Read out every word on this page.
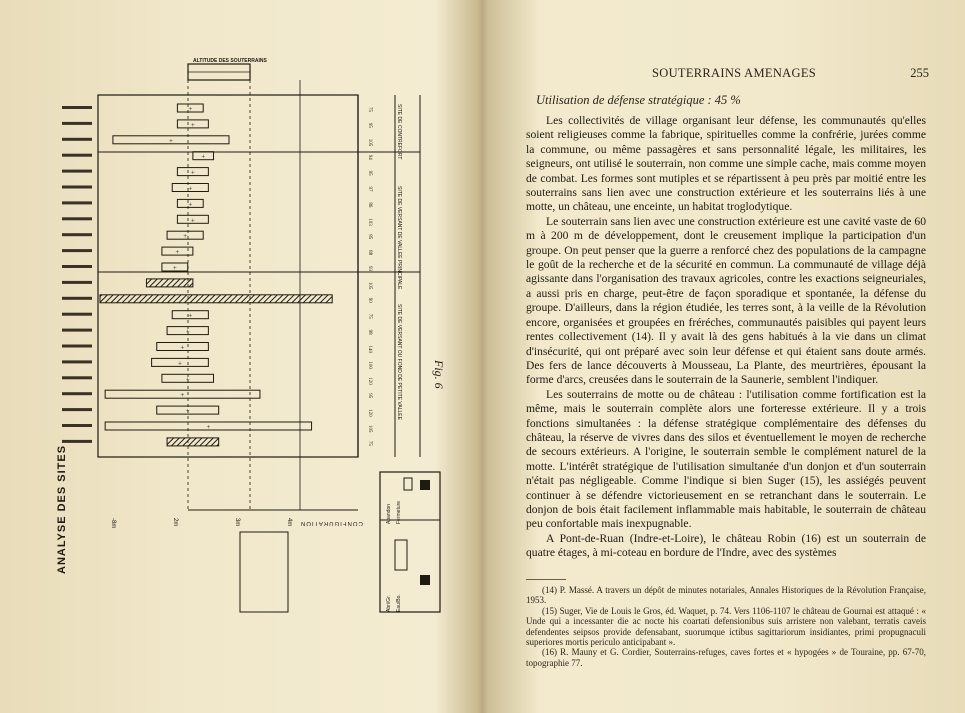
+	75
+	95
+	105
+	94
+	95
+	97
+	86
+	103
+	85
+	88
+	93
105
90
+	75
+	98
+	140
+	100
+	120
+	95
+	120
+	105
75
ANALYSE DES SITES
ALTITUDE DES SOUTERRAINS
CONFIGURATION
SITE DE CONTREFORT
SITE DE VERSANT DE VALLEE PRINCIPALE
SITE DE VERSANT OU FOND DE PETITE VALLEE
-8m	2m	3m	4m	Abandon Fermeture
Abri/Gr. Eau/Bo.
Fig. 6
SOUTERRAINS AMENAGES	255
Utilisation de défense stratégique : 45 %

Les collectivités de village organisant leur défense, les communautés qu'elles soient religieuses comme la fabrique, spirituelles comme la confrérie, jurées comme la commune, ou même passagères et sans personnalité légale, les militaires, les seigneurs, ont utilisé le souterrain, non comme une simple cache, mais comme moyen de combat. Les formes sont mutiples et se répartissent à peu près par moitié entre les souterrains sans lien avec une construction extérieure et les souterrains liés à une motte, un château, une enceinte, un habitat troglodytique.

Le souterrain sans lien avec une construction extérieure est une cavité vaste de 60 m à 200 m de développement, dont le creusement implique la participation d'un groupe. On peut penser que la guerre a renforcé chez des populations de la campagne le goût de la recherche et de la sécurité en commun. La communauté de village déjà agissante dans l'organisation des travaux agricoles, contre les exactions seigneuriales, a aussi pris en charge, peut-être de façon sporadique et spontanée, la défense du groupe. D'ailleurs, dans la région étudiée, les terres sont, à la veille de la Révolution encore, organisées et groupées en fréréches, communautés paisibles qui payent leurs rentes collectivement (14). Il y avait là des gens habitués à la vie dans un climat d'insécurité, qui ont préparé avec soin leur défense et qui étaient sans doute armés. Des fers de lance découverts à Mousseau, La Plante, des meurtrières, épousant la forme d'arcs, creusées dans le souterrain de la Saunerie, semblent l'indiquer.

Les souterrains de motte ou de château : l'utilisation comme fortification est la même, mais le souterrain complète alors une forteresse extérieure. Il y a trois fonctions simultanées : la défense stratégique complémentaire des défenses du château, la réserve de vivres dans des silos et éventuellement le moyen de recherche de secours extérieurs. A l'origine, le souterrain semble le complément naturel de la motte. L'intérêt stratégique de l'utilisation simultanée d'un donjon et d'un souterrain n'était pas négligeable. Comme l'indique si bien Suger (15), les assiégés peuvent continuer à se défendre victorieusement en se retranchant dans le souterrain. Le donjon de bois était facilement inflammable mais habitable, le souterrain de château peu confortable mais inexpugnable.

A Pont-de-Ruan (Indre-et-Loire), le château Robin (16) est un souterrain de quatre étages, à mi-coteau en bordure de l'Indre, avec des systèmes

(14) P. Massé. A travers un dépôt de minutes notariales, Annales Historiques de la Révolution Française, 1953.

(15) Suger, Vie de Louis le Gros, éd. Waquet, p. 74. Vers 1106-1107 le château de Gournai est attaqué : « Unde qui a incessanter die ac nocte his coartati defensionibus suis arristere non valebant, terratis caveis defendentes seipsos provide defensabant, suorumque ictibus sagittariorum insidiantes, primi propugnaculi superiores mortis periculo anticipabant ».

(16) R. Mauny et G. Cordier, Souterrains-refuges, caves fortes et « hypogées » de Touraine, pp. 67-70, topographie 77.
